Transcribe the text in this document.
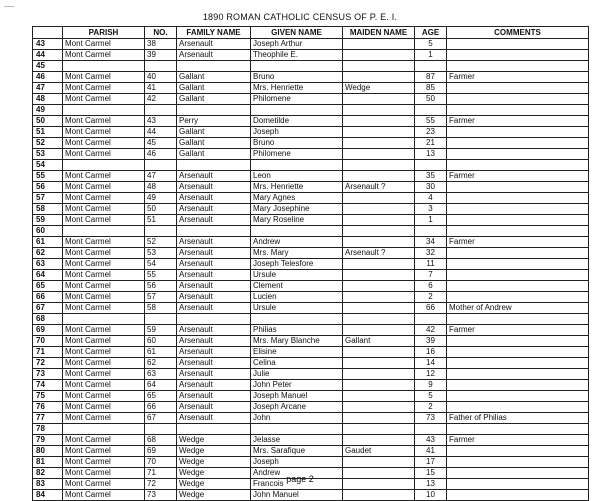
1890 ROMAN CATHOLIC CENSUS OF P. E. I.
	PARISH	NO.	FAMILY NAME	GIVEN NAME	MAIDEN NAME	AGE	COMMENTS
43	Mont Carmel	38	Arsenault	Joseph Arthur		5	
44	Mont Carmel	39	Arsenault	Theophile E.		1	
45							
46	Mont Carmel	40	Gallant	Bruno		87	Farmer
47	Mont Carmel	41	Gallant	Mrs. Henriette	Wedge	85	
48	Mont Carmel	42	Gallant	Philomene		50	
49							
50	Mont Carmel	43	Perry	Dometilde		55	Farmer
51	Mont Carmel	44	Gallant	Joseph		23	
52	Mont Carmel	45	Gallant	Bruno		21	
53	Mont Carmel	46	Gallant	Philomene		13	
54							
55	Mont Carmel	47	Arsenault	Leon		35	Farmer
56	Mont Carmel	48	Arsenault	Mrs. Henriette	Arsenault ?	30	
57	Mont Carmel	49	Arsenault	Mary Agnes		4	
58	Mont Carmel	50	Arsenault	Mary Josephine		3	
59	Mont Carmel	51	Arsenault	Mary Roseline		1	
60							
61	Mont Carmel	52	Arsenault	Andrew		34	Farmer
62	Mont Carmel	53	Arsenault	Mrs. Mary	Arsenault ?	32	
63	Mont Carmel	54	Arsenault	Joseph Telesfore		11	
64	Mont Carmel	55	Arsenault	Ursule		7	
65	Mont Carmel	56	Arsenault	Clement		6	
66	Mont Carmel	57	Arsenault	Lucien		2	
67	Mont Carmel	58	Arsenault	Ursule		66	Mother of Andrew
68							
69	Mont Carmel	59	Arsenault	Philias		42	Farmer
70	Mont Carmel	60	Arsenault	Mrs. Mary Blanche	Gallant	39	
71	Mont Carmel	61	Arsenault	Elisine		16	
72	Mont Carmel	62	Arsenault	Celina		14	
73	Mont Carmel	63	Arsenault	Julie		12	
74	Mont Carmel	64	Arsenault	John Peter		9	
75	Mont Carmel	65	Arsenault	Joseph Manuel		5	
76	Mont Carmel	66	Arsenault	Joseph Arcane		2	
77	Mont Carmel	67	Arsenault	John		73	Father of Philias
78							
79	Mont Carmel	68	Wedge	Jelasse		43	Farmer
80	Mont Carmel	69	Wedge	Mrs. Sarafique	Gaudet	41	
81	Mont Carmel	70	Wedge	Joseph		17	
82	Mont Carmel	71	Wedge	Andrew		15	
83	Mont Carmel	72	Wedge	Francois		13	
84	Mont Carmel	73	Wedge	John Manuel		10	
page 2
